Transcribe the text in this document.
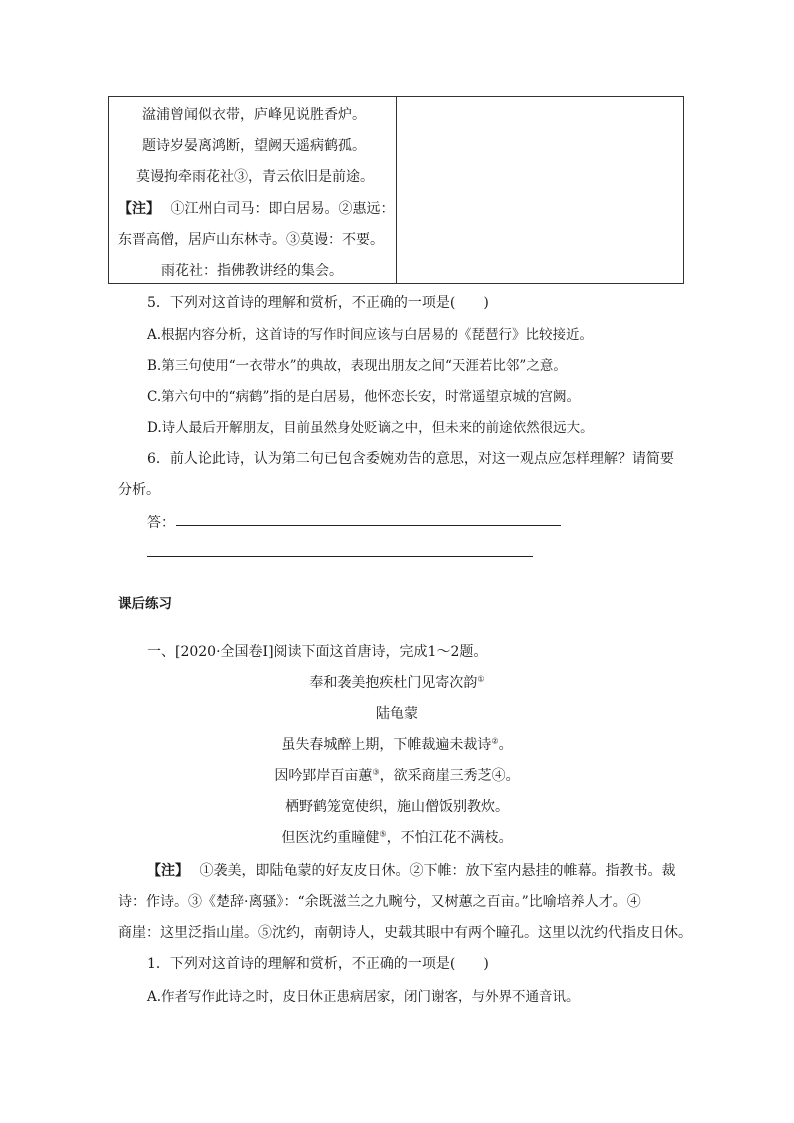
湓浦曾闻似衣带，庐峰见说胜香炉。
题诗岁晏离鸿断，望阙天遥病鹤孤。
莫谩拘牵雨花社③，青云依旧是前途。
【注】 ①江州白司马：即白居易。②惠远：
东晋高僧，居庐山东林寺。③莫谩：不要。
雨花社：指佛教讲经的集会。
5．下列对这首诗的理解和赏析，不正确的一项是(　　)
A.根据内容分析，这首诗的写作时间应该与白居易的《琵琶行》比较接近。
B.第三句使用“一衣带水”的典故，表现出朋友之间“天涯若比邻”之意。
C.第六句中的“病鹤”指的是白居易，他怀恋长安，时常遥望京城的宫阙。
D.诗人最后开解朋友，目前虽然身处贬谪之中，但未来的前途依然很远大。
6．前人论此诗，认为第二句已包含委婉劝告的意思，对这一观点应怎样理解？请简要
分析。
答：
课后练习
一、[2020·全国卷Ⅰ]阅读下面这首唐诗，完成1～2题。
奉和袭美抱疾杜门见寄次韵①
陆龟蒙
虽失春城醉上期，下帷裁遍未裁诗②。
因吟郢岸百亩蕙③，欲采商崖三秀芝④。
栖野鹤笼宽使织，施山僧饭别教炊。
但医沈约重瞳健⑤，不怕江花不满枝。
【注】 ①袭美，即陆龟蒙的好友皮日休。②下帷：放下室内悬挂的帷幕。指教书。裁
诗：作诗。③《楚辞·离骚》：“余既滋兰之九畹兮，又树蕙之百亩。”比喻培养人才。④
商崖：这里泛指山崖。⑤沈约，南朝诗人，史载其眼中有两个瞳孔。这里以沈约代指皮日休。
1．下列对这首诗的理解和赏析，不正确的一项是(　　)
A.作者写作此诗之时，皮日休正患病居家，闭门谢客，与外界不通音讯。
